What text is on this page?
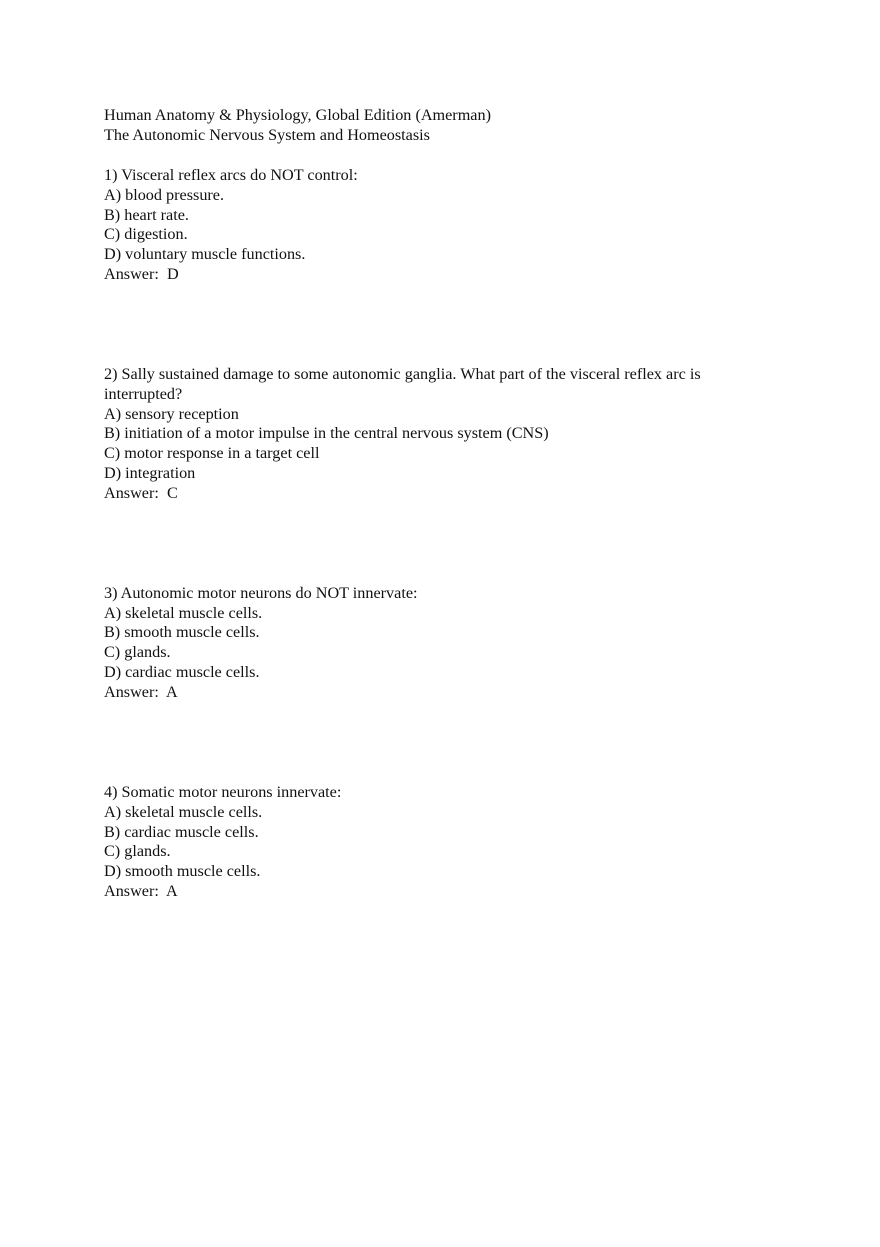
Human Anatomy & Physiology, Global Edition (Amerman)
The Autonomic Nervous System and Homeostasis
1) Visceral reflex arcs do NOT control:
A) blood pressure.
B) heart rate.
C) digestion.
D) voluntary muscle functions.
Answer:  D
2) Sally sustained damage to some autonomic ganglia. What part of the visceral reflex arc is interrupted?
A) sensory reception
B) initiation of a motor impulse in the central nervous system (CNS)
C) motor response in a target cell
D) integration
Answer:  C
3) Autonomic motor neurons do NOT innervate:
A) skeletal muscle cells.
B) smooth muscle cells.
C) glands.
D) cardiac muscle cells.
Answer:  A
4) Somatic motor neurons innervate:
A) skeletal muscle cells.
B) cardiac muscle cells.
C) glands.
D) smooth muscle cells.
Answer:  A
